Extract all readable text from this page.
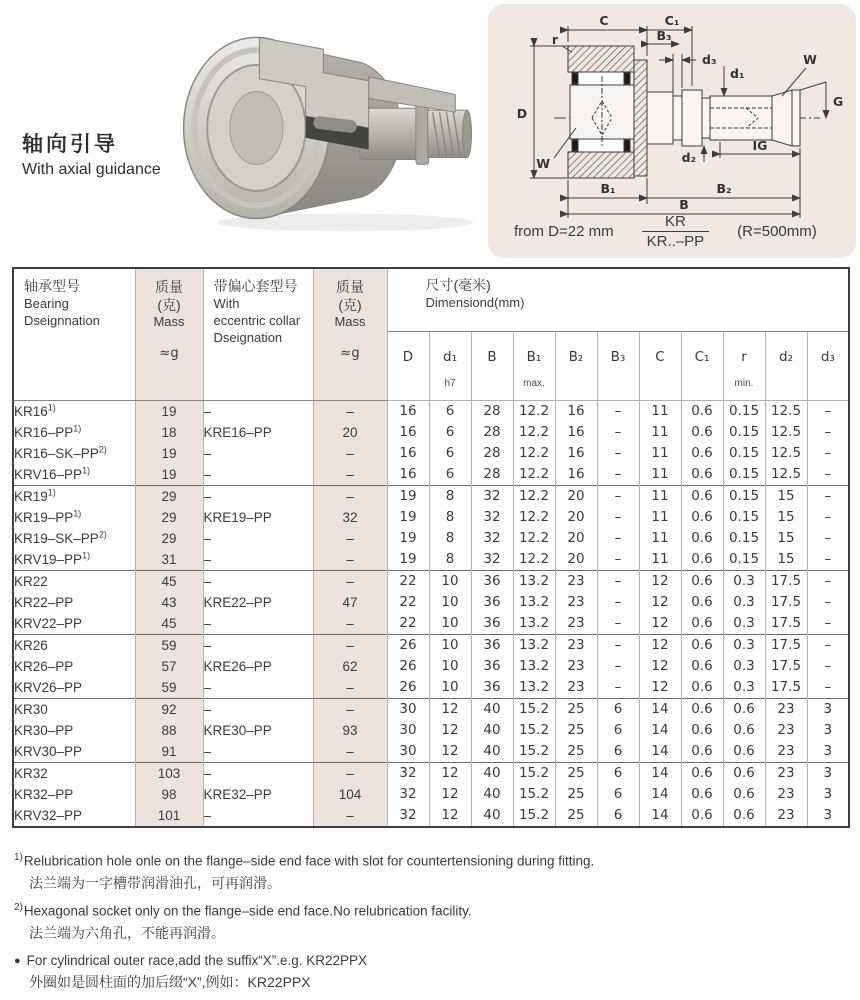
轴向引导
With axial guidance
C	C₁
B₃
d₃
d₁
W
G
r
D
W	d₂
IG
B₁	B₂
B
from D=22 mm $\frac{KR}{KR..-PP} (R=500mm)$
轴承型号
Bearing
Dseignnation

质量
(克)
Mass
≈g

带偏心套型号
With
eccentric collar
Dseignation

质量
(克)
Mass
≈g

尺寸(毫米)
Dimensiond(mm)

D	d₁
h7

B	B₁
max.

B₂	B₃	C	C₁	r
min.

d₂	d₃

KR16$^{1)}$	19	–	–	16	6	28	12.2	16	–	11	0.6	0.15	12.5	–
KR16–PP$^{1)}$	18	KRE16–PP	20	16	6	28	12.2	16	–	11	0.6	0.15	12.5	–
KR16–SK–PP$^{2)}$	19	–	–	16	6	28	12.2	16	–	11	0.6	0.15	12.5	–
KRV16–PP$^{1)}$	19	–	–	16	6	28	12.2	16	–	11	0.6	0.15	12.5	–
KR19$^{1)}$	29	–	–	19	8	32	12.2	20	–	11	0.6	0.15	15	–
KR19–PP$^{1)}$	29	KRE19–PP	32	19	8	32	12.2	20	–	11	0.6	0.15	15	–
KR19–SK–PP$^{2)}$	29	–	–	19	8	32	12.2	20	–	11	0.6	0.15	15	–
KRV19–PP$^{1)}$	31	–	–	19	8	32	12.2	20	–	11	0.6	0.15	15	–
KR22	45	–	–	22	10	36	13.2	23	–	12	0.6	0.3	17.5	–
KR22–PP	43	KRE22–PP	47	22	10	36	13.2	23	–	12	0.6	0.3	17.5	–
KRV22–PP	45	–	–	22	10	36	13.2	23	–	12	0.6	0.3	17.5	–
KR26	59	–	–	26	10	36	13.2	23	–	12	0.6	0.3	17.5	–
KR26–PP	57	KRE26–PP	62	26	10	36	13.2	23	–	12	0.6	0.3	17.5	–
KRV26–PP	59	–	–	26	10	36	13.2	23	–	12	0.6	0.3	17.5	–
KR30	92	–	–	30	12	40	15.2	25	6	14	0.6	0.6	23	3
KR30–PP	88	KRE30–PP	93	30	12	40	15.2	25	6	14	0.6	0.6	23	3
KRV30–PP	91	–	–	30	12	40	15.2	25	6	14	0.6	0.6	23	3
KR32	103	–	–	32	12	40	15.2	25	6	14	0.6	0.6	23	3
KR32–PP	98	KRE32–PP	104	32	12	40	15.2	25	6	14	0.6	0.6	23	3
KRV32–PP	101	–	–	32	12	40	15.2	25	6	14	0.6	0.6	23	3
$^{1)}$Relubrication hole onle on the flange–side end face with slot for countertensioning during fitting.
法兰端为一字槽带润滑油孔，可再润滑。
$^{2)}$Hexagonal socket only on the flange–side end face.No relubrication facility.
法兰端为六角孔，不能再润滑。
● For cylindrical outer race,add the suffix“X”.e.g. KR22PPX
外圈如是圆柱面的加后缀“X”,例如：KR22PPX
